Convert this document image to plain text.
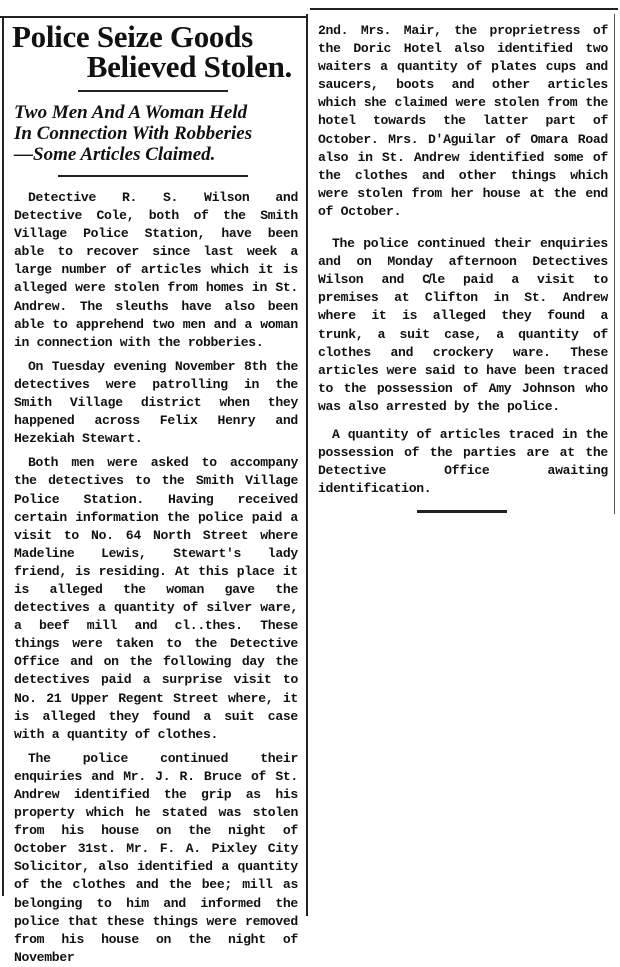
Police Seize Goods
Believed Stolen.
Two Men And A Woman Held
In Connection With Robberies
—Some Articles Claimed.

Detective R. S. Wilson and Detective Cole, both of the Smith Village Police Station, have been able to recover since last week a large number of articles which it is alleged were stolen from homes in St. Andrew. The sleuths have also been able to apprehend two men and a woman in connection with the robberies.

On Tuesday evening November 8th the detectives were patrolling in the Smith Village district when they happened across Felix Henry and Hezekiah Stewart.

Both men were asked to accompany the detectives to the Smith Village Police Station. Having received certain information the police paid a visit to No. 64 North Street where Madeline Lewis, Stewart's lady friend, is residing. At this place it is alleged the woman gave the detectives a quantity of silver ware, a beef mill and cl..thes. These things were taken to the Detective Office and on the following day the detectives paid a surprise visit to No. 21 Upper Regent Street where, it is alleged they found a suit case with a quantity of clothes.

The police continued their enquiries and Mr. J. R. Bruce of St. Andrew identified the grip as his property which he stated was stolen from his house on the night of October 31st. Mr. F. A. Pixley City Solicitor, also identified a quantity of the clothes and the bee; mill as belonging to him and informed the police that these things were removed from his house on the night of November

2nd. Mrs. Mair, the proprietress of the Doric Hotel also identified two waiters a quantity of plates cups and saucers, boots and other articles which she claimed were stolen from the hotel towards the latter part of October. Mrs. D'Aguilar of Omara Road also in St. Andrew identified some of the clothes and other things which were stolen from her house at the end of October.

The police continued their enquiries and on Monday afternoon Detectives Wilson and C̸le paid a visit to premises at Clifton in St. Andrew where it is alleged they found a trunk, a suit case, a quantity of clothes and crockery ware. These articles were said to have been traced to the possession of Amy Johnson who was also arrested by the police.

A quantity of articles traced in the possession of the parties are at the Detective Office awaiting identification.
